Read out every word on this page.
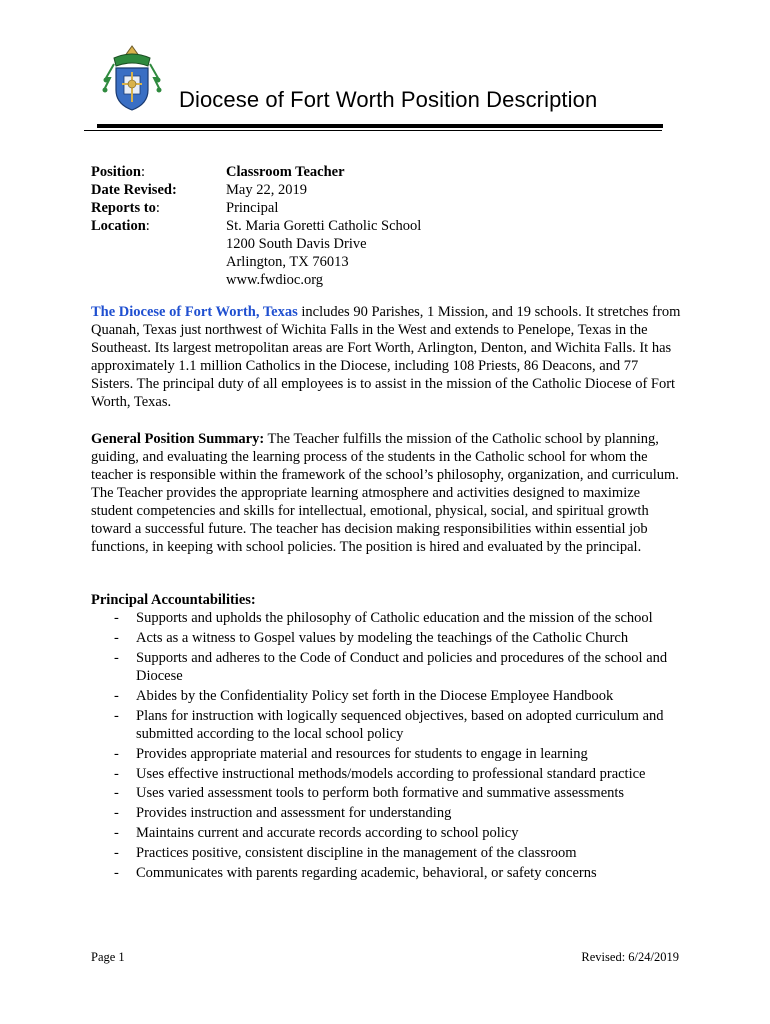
Diocese of Fort Worth Position Description
Position:	Classroom Teacher
Date Revised:	May 22, 2019
Reports to:	Principal
Location:	St. Maria Goretti Catholic School
1200 South Davis Drive
Arlington, TX 76013
www.fwdioc.org
The Diocese of Fort Worth, Texas includes 90 Parishes, 1 Mission, and 19 schools. It stretches from Quanah, Texas just northwest of Wichita Falls in the West and extends to Penelope, Texas in the Southeast. Its largest metropolitan areas are Fort Worth, Arlington, Denton, and Wichita Falls. It has approximately 1.1 million Catholics in the Diocese, including 108 Priests, 86 Deacons, and 77 Sisters. The principal duty of all employees is to assist in the mission of the Catholic Diocese of Fort Worth, Texas.
General Position Summary: The Teacher fulfills the mission of the Catholic school by planning, guiding, and evaluating the learning process of the students in the Catholic school for whom the teacher is responsible within the framework of the school’s philosophy, organization, and curriculum. The Teacher provides the appropriate learning atmosphere and activities designed to maximize student competencies and skills for intellectual, emotional, physical, social, and spiritual growth toward a successful future. The teacher has decision making responsibilities within essential job functions, in keeping with school policies. The position is hired and evaluated by the principal.
Principal Accountabilities:
-	Supports and upholds the philosophy of Catholic education and the mission of the school
-	Acts as a witness to Gospel values by modeling the teachings of the Catholic Church
-	Supports and adheres to the Code of Conduct and policies and procedures of the school and Diocese
-	Abides by the Confidentiality Policy set forth in the Diocese Employee Handbook
-	Plans for instruction with logically sequenced objectives, based on adopted curriculum and submitted according to the local school policy
-	Provides appropriate material and resources for students to engage in learning
-	Uses effective instructional methods/models according to professional standard practice
-	Uses varied assessment tools to perform both formative and summative assessments
-	Provides instruction and assessment for understanding
-	Maintains current and accurate records according to school policy
-	Practices positive, consistent discipline in the management of the classroom
-	Communicates with parents regarding academic, behavioral, or safety concerns
Page 1	Revised: 6/24/2019
